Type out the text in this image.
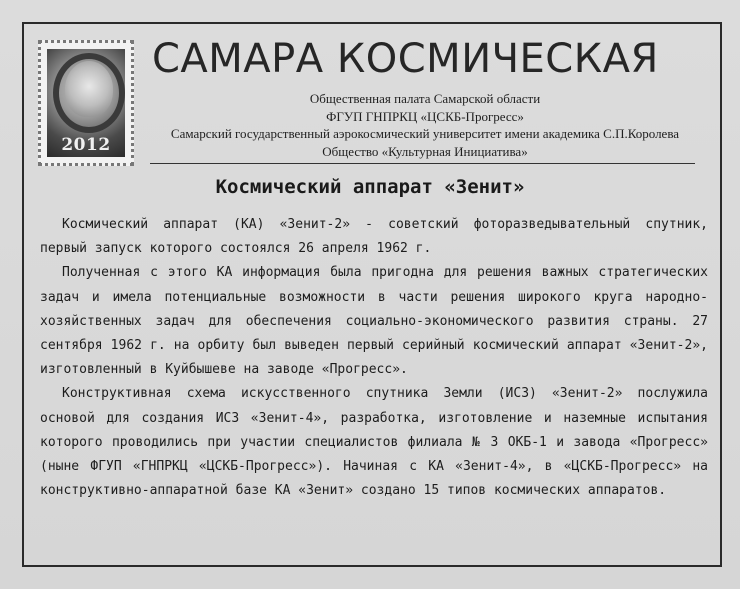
2012
САМАРА КОСМИЧЕСКАЯ
Общественная палата Самарской области
ФГУП ГНПРКЦ «ЦСКБ-Прогресс»
Самарский государственный аэрокосмический университет имени академика С.П.Королева
Общество «Культурная Инициатива»
Космический аппарат «Зенит»

Космический аппарат (КА) «Зенит-2» - советский фоторазведывательный спутник, первый запуск которого состоялся 26 апреля 1962 г.

Полученная с этого КА информация была пригодна для решения важных стратегических задач и имела потенциальные возможности в части решения широкого круга народно-хозяйственных задач для обеспечения социально-экономического развития страны. 27 сентября 1962 г. на орбиту был выведен первый серийный космический аппарат «Зенит-2», изготовленный в Куйбышеве на заводе «Прогресс».

Конструктивная схема искусственного спутника Земли (ИСЗ) «Зенит-2» послужила основой для создания ИСЗ «Зенит-4», разработка, изготовление и наземные испытания которого проводились при участии специалистов филиала № 3 ОКБ-1 и завода «Прогресс» (ныне ФГУП «ГНПРКЦ «ЦСКБ-Прогресс»). Начиная с КА «Зенит-4», в «ЦСКБ-Прогресс» на конструктивно-аппаратной базе КА «Зенит» создано 15 типов космических аппаратов.
